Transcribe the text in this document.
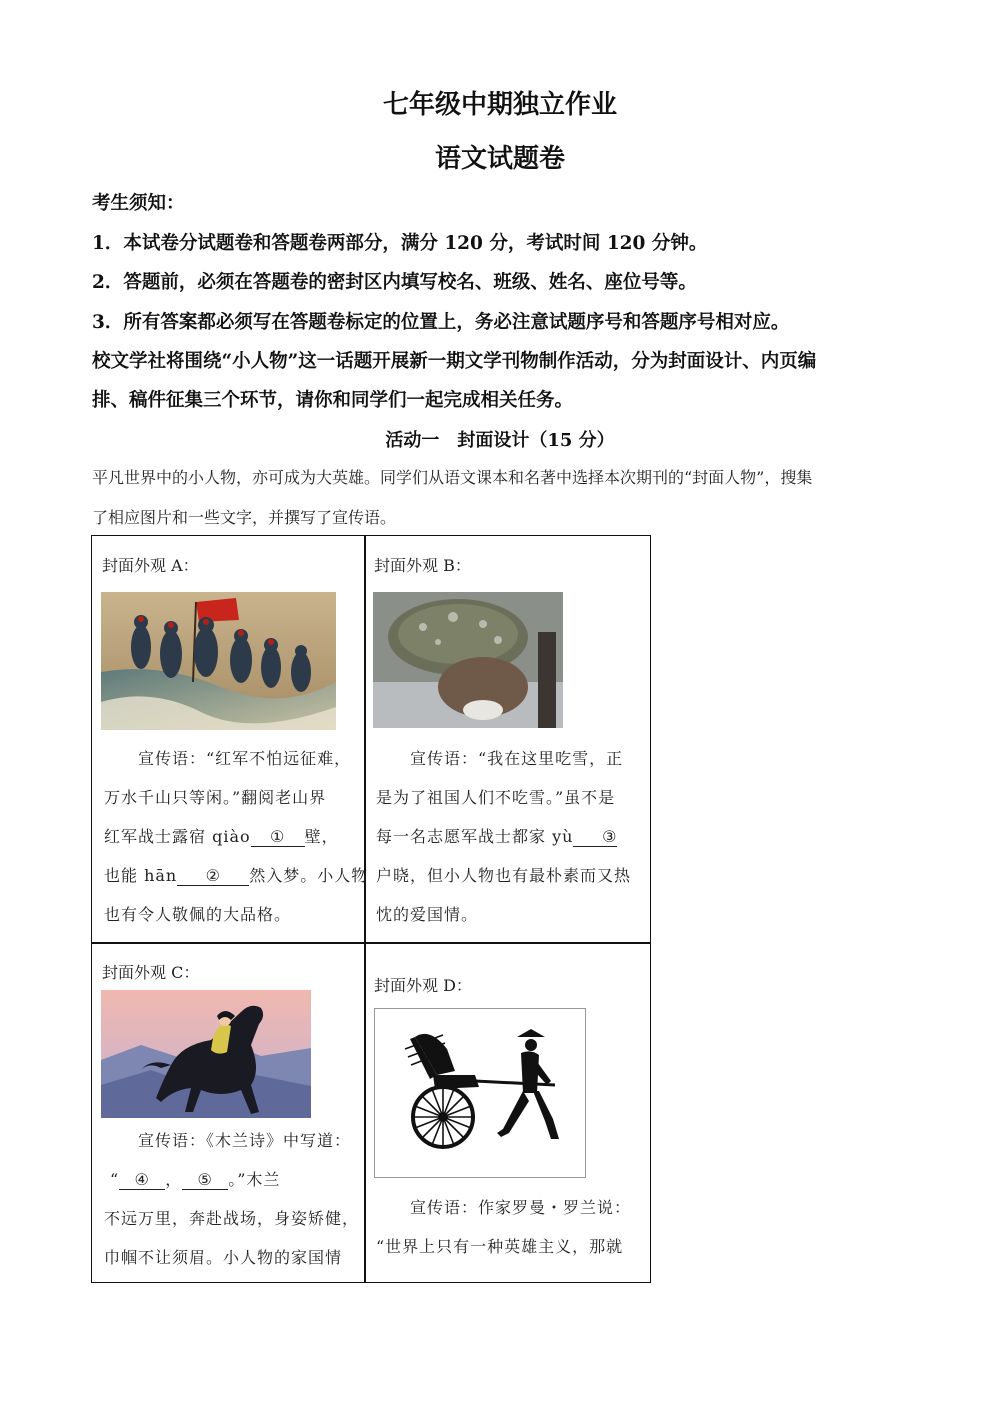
七年级中期独立作业
语文试题卷
考生须知：
1．本试卷分试题卷和答题卷两部分，满分 120 分，考试时间 120 分钟。
2．答题前，必须在答题卷的密封区内填写校名、班级、姓名、座位号等。
3．所有答案都必须写在答题卷标定的位置上，务必注意试题序号和答题序号相对应。
校文学社将围绕“小人物”这一话题开展新一期文学刊物制作活动，分为封面设计、内页编
排、稿件征集三个环节，请你和同学们一起完成相关任务。
活动一　封面设计（15 分）
平凡世界中的小人物，亦可成为大英雄。同学们从语文课本和名著中选择本次期刊的“封面人物”，搜集
了相应图片和一些文字，并撰写了宣传语。
封面外观 A：
宣传语：“红军不怕远征难，
万水千山只等闲。”翻阅老山界
红军战士露宿 qiào ① 壁，
也能 hān ② 然入梦。小人物
也有令人敬佩的大品格。
封面外观 B：
宣传语：“我在这里吃雪，正
是为了祖国人们不吃雪。”虽不是
每一名志愿军战士都家 yù ③
户晓，但小人物也有最朴素而又热
忱的爱国情。
封面外观 C：
宣传语：《木兰诗》中写道：
“ ④ ， ⑤ 。”木兰
不远万里，奔赴战场，身姿矫健，
巾帼不让须眉。小人物的家国情
封面外观 D：
宣传语：作家罗曼・罗兰说：
“世界上只有一种英雄主义，那就
